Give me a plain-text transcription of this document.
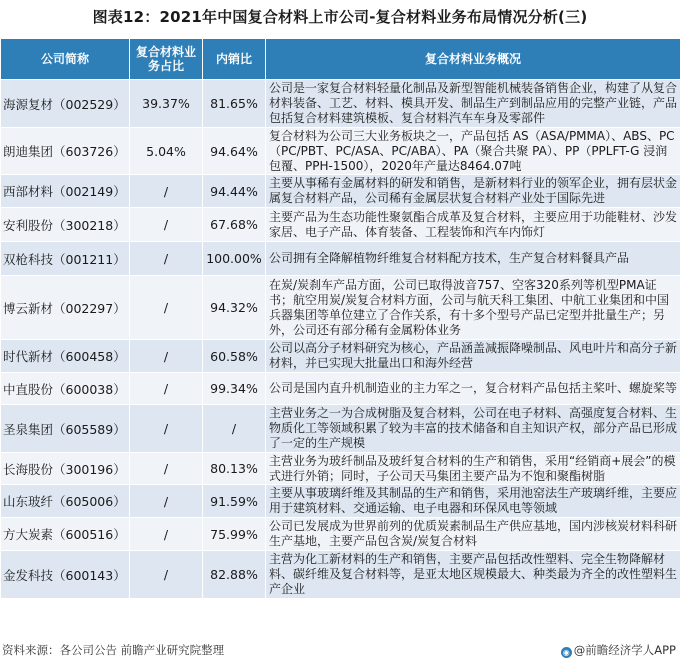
图表12：2021年中国复合材料上市公司-复合材料业务布局情况分析(三)
公司简称	复合材料业务占比	内销比	复合材料业务概况
海源复材（002529）	39.37%	81.65%	公司是一家复合材料轻量化制品及新型智能机械装备销售企业，构建了从复合材料装备、工艺、材料、模具开发、制品生产到制品应用的完整产业链，产品包括复合材料建筑模板、复合材料汽车车身及零部件

朗迪集团（603726）	5.04%	94.64%	复合材料为公司三大业务板块之一，产品包括 AS（ASA/PMMA）、ABS、PC（PC/PBT、PC/ASA、PC/ABA）、PA（聚合共聚 PA）、PP（PPLFT-G 浸润包覆、PPH-1500），2020年产量达8464.07吨

西部材料（002149）	/	94.44%	主要从事稀有金属材料的研发和销售，是新材料行业的领军企业，拥有层状金属复合材料产品，公司稀有金属层状复合材料产业处于国际先进

安利股份（300218）	/	67.68%	主要产品为生态功能性聚氨酯合成革及复合材料，主要应用于功能鞋材、沙发家居、电子产品、体育装备、工程装饰和汽车内饰灯

双枪科技（001211）	/	100.00%	公司拥有全降解植物纤维复合材料配方技术，生产复合材料餐具产品

博云新材（002297）	/	94.32%	在炭/炭刹车产品方面，公司已取得波音757、空客320系列等机型PMA证书；航空用炭/炭复合材料方面，公司与航天科工集团、中航工业集团和中国兵器集团等单位建立了合作关系，有十多个型号产品已定型并批量生产；另外，公司还有部分稀有金属粉体业务

时代新材（600458）	/	60.58%	公司以高分子材料研究为核心，产品涵盖减振降噪制品、风电叶片和高分子新材料，并已实现大批量出口和海外经营

中直股份（600038）	/	99.34%	公司是国内直升机制造业的主力军之一，复合材料产品包括主桨叶、螺旋桨等

圣泉集团（605589）	/	/	主营业务之一为合成树脂及复合材料，公司在电子材料、高强度复合材料、生物质化工等领域积累了较为丰富的技术储备和自主知识产权，部分产品已形成了一定的生产规模

长海股份（300196）	/	80.13%	主营业务为玻纤制品及玻纤复合材料的生产和销售，采用“经销商+展会”的模式进行外销；同时，子公司天马集团主要产品为不饱和聚酯树脂

山东玻纤（605006）	/	91.59%	主要从事玻璃纤维及其制品的生产和销售，采用池窑法生产玻璃纤维，主要应用于建筑材料、交通运输、电子电器和环保风电等领域

方大炭素（600516）	/	75.99%	公司已发展成为世界前列的优质炭素制品生产供应基地，国内涉核炭材料科研生产基地，主要产品包含炭/炭复合材料

金发科技（600143）	/	82.88%	主营为化工新材料的生产和销售，主要产品包括改性塑料、完全生物降解材料、碳纤维及复合材料等，是亚太地区规模最大、种类最为齐全的改性塑料生产企业
资料来源：各公司公告 前瞻产业研究院整理	◉ @前瞻经济学人APP
